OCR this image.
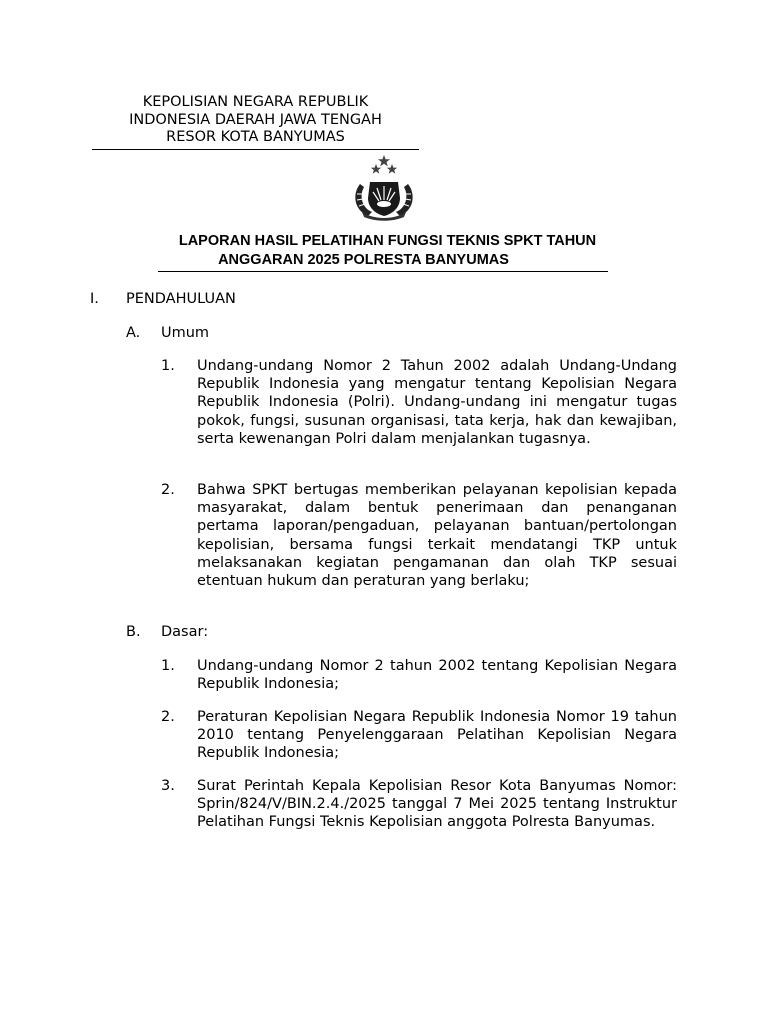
KEPOLISIAN NEGARA REPUBLIK
INDONESIA DAERAH JAWA TENGAH
RESOR KOTA BANYUMAS
LAPORAN HASIL PELATIHAN FUNGSI TEKNIS SPKT TAHUN
ANGGARAN 2025 POLRESTA BANYUMAS
I. PENDAHULUAN
A. Umum
1. Undang-undang Nomor 2 Tahun 2002 adalah Undang-Undang Republik Indonesia yang mengatur tentang Kepolisian Negara Republik Indonesia (Polri). Undang-undang ini mengatur tugas pokok, fungsi, susunan organisasi, tata kerja, hak dan kewajiban, serta kewenangan Polri dalam menjalankan tugasnya.
2. Bahwa SPKT bertugas memberikan pelayanan kepolisian kepada masyarakat, dalam bentuk penerimaan dan penanganan pertama laporan/pengaduan, pelayanan bantuan/pertolongan kepolisian, bersama fungsi terkait mendatangi TKP untuk melaksanakan kegiatan pengamanan dan olah TKP sesuai etentuan hukum dan peraturan yang berlaku;
B. Dasar:
1. Undang-undang Nomor 2 tahun 2002 tentang Kepolisian Negara Republik Indonesia;
2. Peraturan Kepolisian Negara Republik Indonesia Nomor 19 tahun 2010 tentang Penyelenggaraan Pelatihan Kepolisian Negara Republik Indonesia;
3. Surat Perintah Kepala Kepolisian Resor Kota Banyumas Nomor: Sprin/824/V/BIN.2.4./2025 tanggal 7 Mei 2025 tentang Instruktur Pelatihan Fungsi Teknis Kepolisian anggota Polresta Banyumas.
